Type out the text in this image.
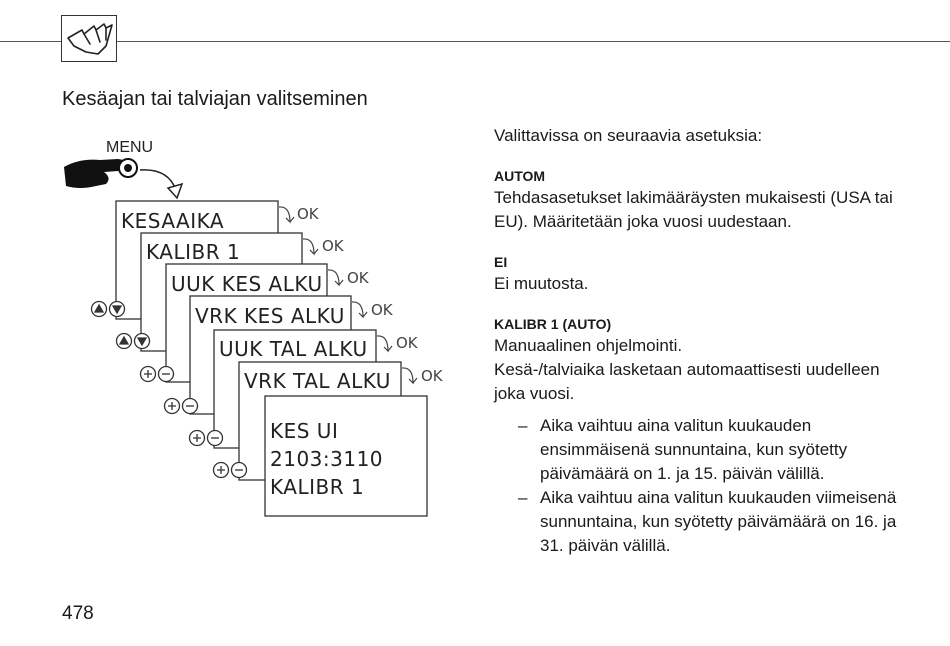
Kesäajan tai talviajan valitseminen
MENU
KESAAIKA
KALIBR 1
UUK KES ALKU
VRK KES ALKU
UUK TAL ALKU
VRK TAL ALKU
KES UI
2103:3110
KALIBR 1
OK
OK
OK
OK
OK
OK

Valittavissa on seuraavia asetuksia:

AUTOM

Tehdasasetukset lakimääräysten mukaisesti (USA tai EU). Määritetään joka vuosi uudestaan.

EI

Ei muutosta.

KALIBR 1 (AUTO)

Manuaalinen ohjelmointi.

Kesä-/talviaika lasketaan automaattisesti uudelleen joka vuosi.

– Aika vaihtuu aina valitun kuukauden ensimmäisenä sunnuntaina, kun syötetty päivämäärä on 1. ja 15. päivän välillä.

– Aika vaihtuu aina valitun kuukauden viimeisenä sunnuntaina, kun syötetty päivämäärä on 16. ja 31. päivän välillä.

478
